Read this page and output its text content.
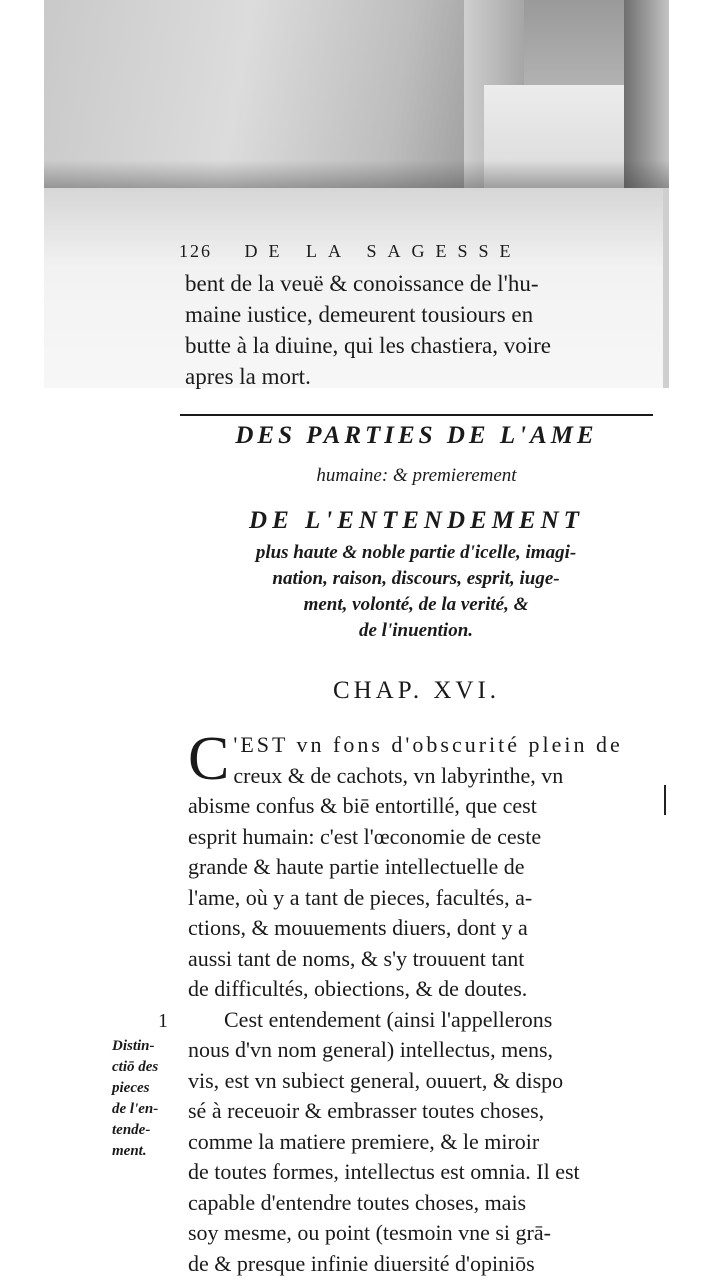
126 DE LA SAGESSE
bent de la veuë & conoissance de l'hu-
maine iustice, demeurent tousiours en
butte à la diuine, qui les chastiera, voire
apres la mort.
DES PARTIES DE L'AME
humaine: & premierement
DE L'ENTENDEMENT
plus haute & noble partie d'icelle, imagi-
nation, raison, discours, esprit, iuge-
ment, volonté, de la verité, &
de l'inuention.
CHAP. XVI.
C 'EST vn fons d'obscurité plein de
creux & de cachots, vn labyrinthe, vn
abisme confus & biē entortillé, que cest
esprit humain: c'est l'œconomie de ceste
grande & haute partie intellectuelle de
l'ame, où y a tant de pieces, facultés, a-
ctions, & mouuements diuers, dont y a
aussi tant de noms, & s'y trouuent tant
de difficultés, obiections, & de doutes.
Cest entendement (ainsi l'appellerons
nous d'vn nom general) intellectus, mens,
vis, est vn subiect general, ouuert, & dispo
sé à receuoir & embrasser toutes choses,
comme la matiere premiere, & le miroir
de toutes formes, intellectus est omnia. Il est
capable d'entendre toutes choses, mais
soy mesme, ou point (tesmoin vne si grā-
de & presque infinie diuersité d'opiniōs
1
Distin-
ctiō des
pieces
de l'en-
tende-
ment.
